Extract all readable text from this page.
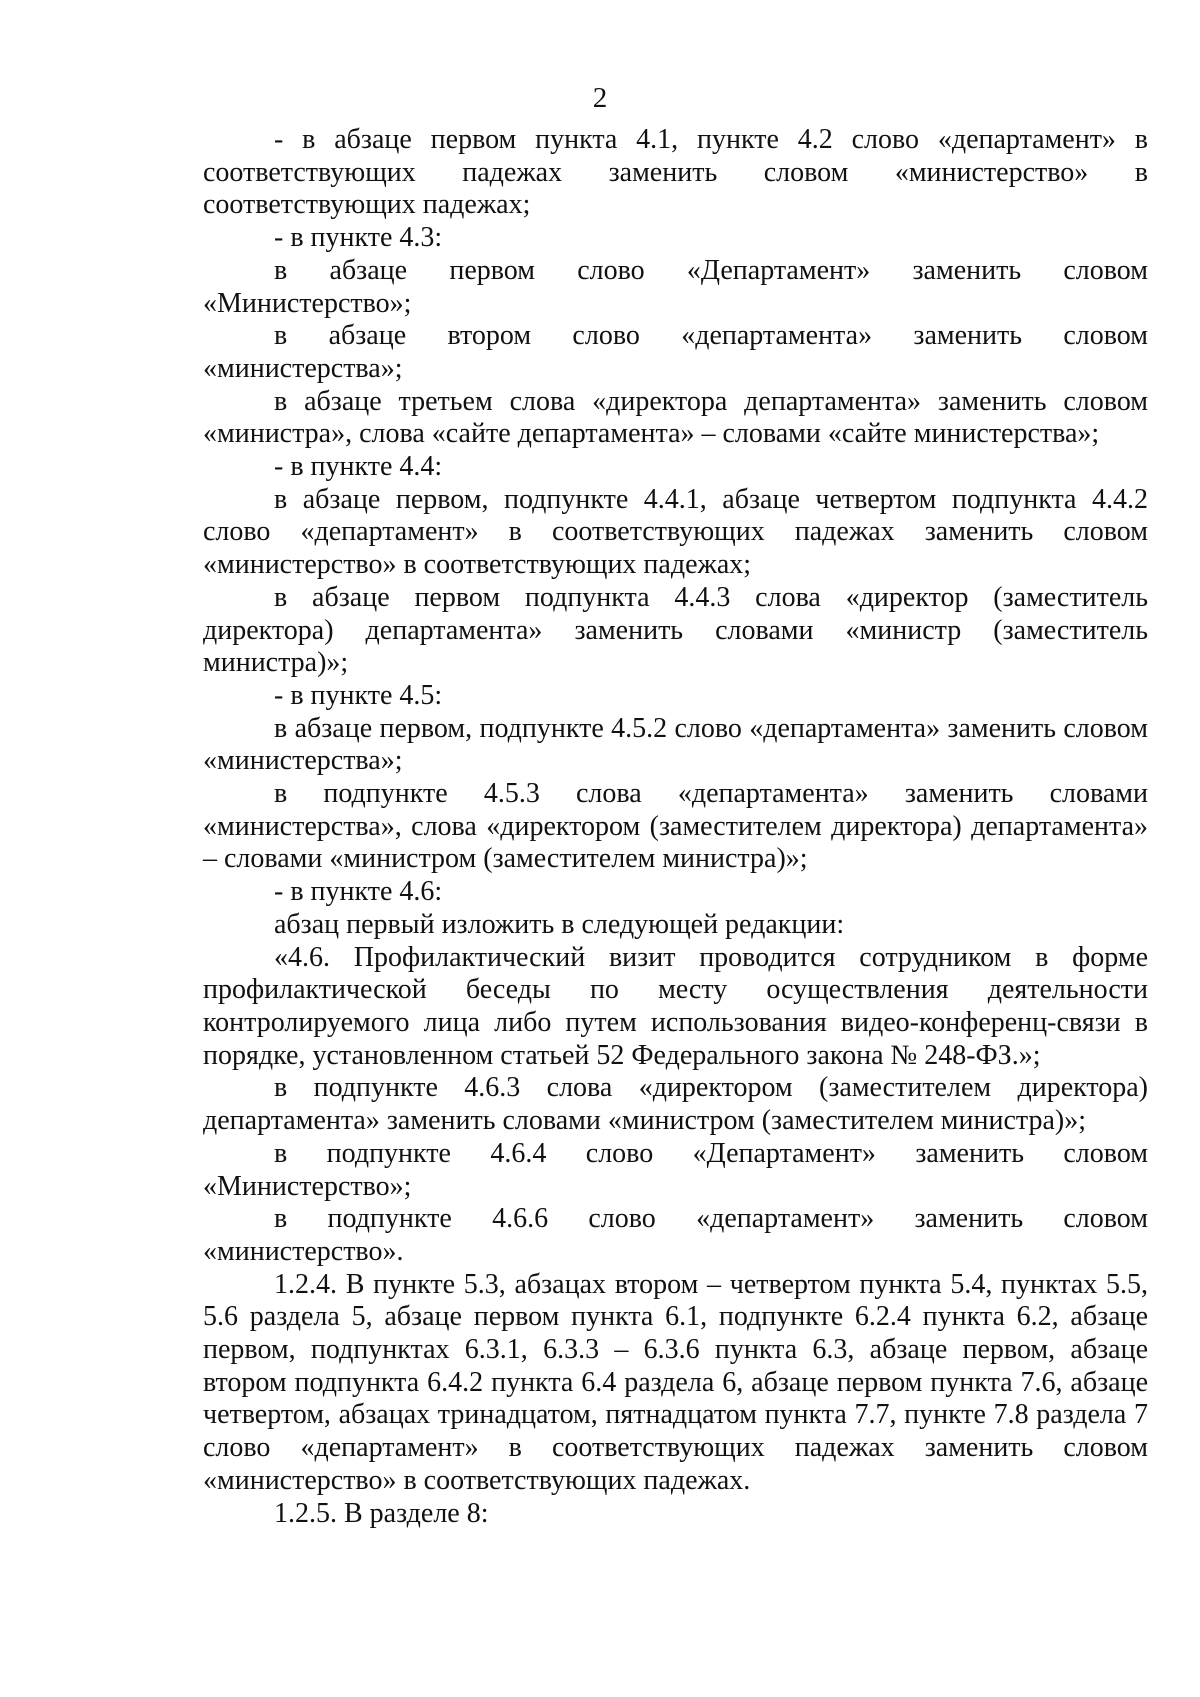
2

- в абзаце первом пункта 4.1, пункте 4.2 слово «департамент» в соответствующих падежах заменить словом «министерство» в соответствующих падежах;

- в пункте 4.3:

в абзаце первом слово «Департамент» заменить словом «Министерство»;

в абзаце втором слово «департамента» заменить словом «министерства»;

в абзаце третьем слова «директора департамента» заменить словом «министра», слова «сайте департамента» – словами «сайте министерства»;

- в пункте 4.4:

в абзаце первом, подпункте 4.4.1, абзаце четвертом подпункта 4.4.2 слово «департамент» в соответствующих падежах заменить словом «министерство» в соответствующих падежах;

в абзаце первом подпункта 4.4.3 слова «директор (заместитель директора) департамента» заменить словами «министр (заместитель министра)»;

- в пункте 4.5:

в абзаце первом, подпункте 4.5.2 слово «департамента» заменить словом «министерства»;

в подпункте 4.5.3 слова «департамента» заменить словами «министерства», слова «директором (заместителем директора) департамента» – словами «министром (заместителем министра)»;

- в пункте 4.6:

абзац первый изложить в следующей редакции:

«4.6. Профилактический визит проводится сотрудником в форме профилактической беседы по месту осуществления деятельности контролируемого лица либо путем использования видео-конференц-связи в порядке, установленном статьей 52 Федерального закона № 248-ФЗ.»;

в подпункте 4.6.3 слова «директором (заместителем директора) департамента» заменить словами «министром (заместителем министра)»;

в подпункте 4.6.4 слово «Департамент» заменить словом «Министерство»;

в подпункте 4.6.6 слово «департамент» заменить словом «министерство».

1.2.4. В пункте 5.3, абзацах втором – четвертом пункта 5.4, пунктах 5.5, 5.6 раздела 5, абзаце первом пункта 6.1, подпункте 6.2.4 пункта 6.2, абзаце первом, подпунктах 6.3.1, 6.3.3 – 6.3.6 пункта 6.3, абзаце первом, абзаце втором подпункта 6.4.2 пункта 6.4 раздела 6, абзаце первом пункта 7.6, абзаце четвертом, абзацах тринадцатом, пятнадцатом пункта 7.7, пункте 7.8 раздела 7 слово «департамент» в соответствующих падежах заменить словом «министерство» в соответствующих падежах.

1.2.5. В разделе 8:
